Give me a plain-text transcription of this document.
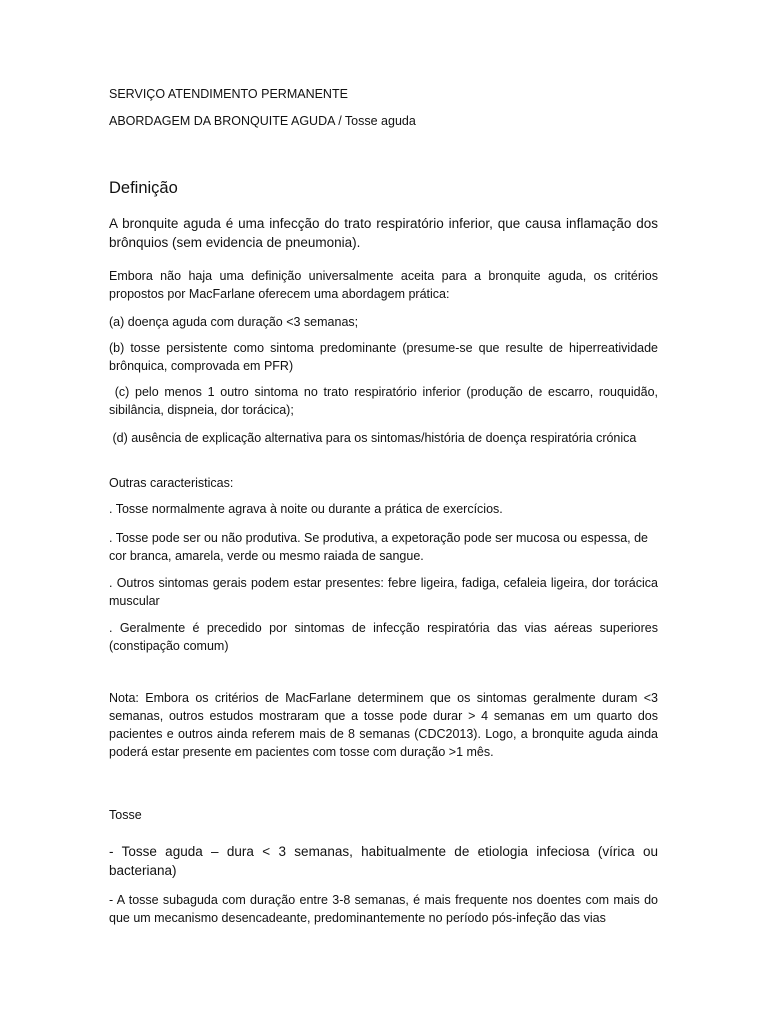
SERVIÇO ATENDIMENTO PERMANENTE

ABORDAGEM DA BRONQUITE AGUDA / Tosse aguda

Definição

A bronquite aguda é uma infecção do trato respiratório inferior, que causa inflamação dos brônquios (sem evidencia de pneumonia).

Embora não haja uma definição universalmente aceita para a bronquite aguda, os critérios propostos por MacFarlane oferecem uma abordagem prática:

(a) doença aguda com duração <3 semanas;

(b) tosse persistente como sintoma predominante (presume-se que resulte de hiperreatividade brônquica, comprovada em PFR)

(c) pelo menos 1 outro sintoma no trato respiratório inferior (produção de escarro, rouquidão, sibilância, dispneia, dor torácica);

(d) ausência de explicação alternativa para os sintomas/história de doença respiratória crónica

Outras caracteristicas:

. Tosse normalmente agrava à noite ou durante a prática de exercícios.

. Tosse pode ser ou não produtiva. Se produtiva, a expetoração pode ser mucosa ou espessa, de cor branca, amarela, verde ou mesmo raiada de sangue.

. Outros sintomas gerais podem estar presentes: febre ligeira, fadiga, cefaleia ligeira, dor torácica muscular

. Geralmente é precedido por sintomas de infecção respiratória das vias aéreas superiores (constipação comum)

Nota: Embora os critérios de MacFarlane determinem que os sintomas geralmente duram <3 semanas, outros estudos mostraram que a tosse pode durar > 4 semanas em um quarto dos pacientes e outros ainda referem mais de 8 semanas (CDC2013). Logo, a bronquite aguda ainda poderá estar presente em pacientes com tosse com duração >1 mês.

Tosse

- Tosse aguda – dura < 3 semanas, habitualmente de etiologia infeciosa (vírica ou bacteriana)

- A tosse subaguda com duração entre 3-8 semanas, é mais frequente nos doentes com mais do que um mecanismo desencadeante, predominantemente no período pós-infeção das vias
